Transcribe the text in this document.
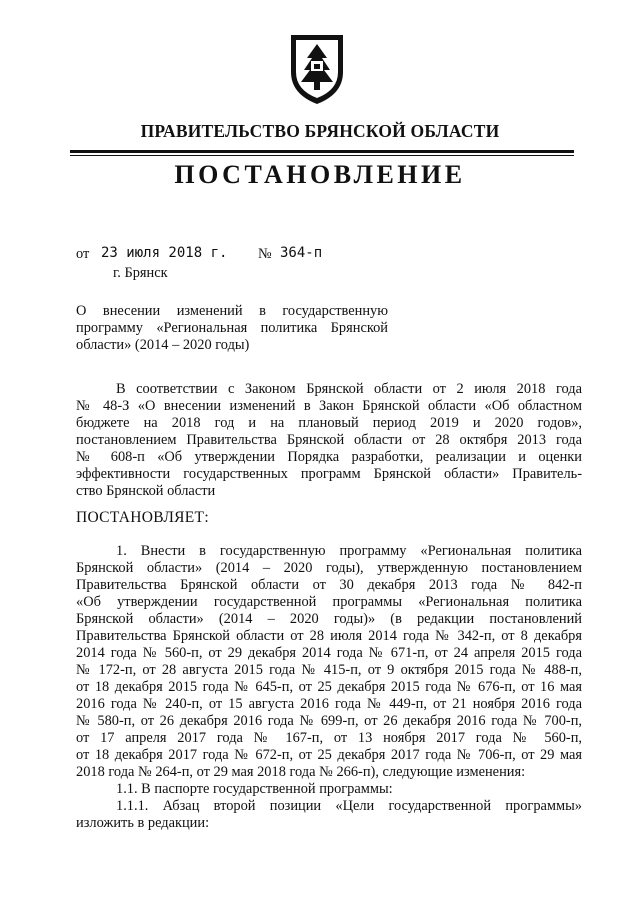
ПРАВИТЕЛЬСТВО БРЯНСКОЙ ОБЛАСТИ
ПОСТАНОВЛЕНИЕ
от 23 июля 2018 г. № 364-п
г. Брянск
О внесении изменений в государственную
программу «Региональная политика Брянской
области» (2014 – 2020 годы)
В соответствии с Законом Брянской области от 2 июля 2018 года
№ 48-З «О внесении изменений в Закон Брянской области «Об областном
бюджете на 2018 год и на плановый период 2019 и 2020 годов»,
постановлением Правительства Брянской области от 28 октября 2013 года
№ 608-п «Об утверждении Порядка разработки, реализации и оценки
эффективности государственных программ Брянской области» Правитель-
ство Брянской области
ПОСТАНОВЛЯЕТ:
1. Внести в государственную программу «Региональная политика
Брянской области» (2014 – 2020 годы), утвержденную постановлением
Правительства Брянской области от 30 декабря 2013 года № 842-п
«Об утверждении государственной программы «Региональная политика
Брянской области» (2014 – 2020 годы)» (в редакции постановлений
Правительства Брянской области от 28 июля 2014 года № 342-п, от 8 декабря
2014 года № 560-п, от 29 декабря 2014 года № 671-п, от 24 апреля 2015 года
№ 172-п, от 28 августа 2015 года № 415-п, от 9 октября 2015 года № 488-п,
от 18 декабря 2015 года № 645-п, от 25 декабря 2015 года № 676-п, от 16 мая
2016 года № 240-п, от 15 августа 2016 года № 449-п, от 21 ноября 2016 года
№ 580-п, от 26 декабря 2016 года № 699-п, от 26 декабря 2016 года № 700-п,
от 17 апреля 2017 года № 167-п, от 13 ноября 2017 года № 560-п,
от 18 декабря 2017 года № 672-п, от 25 декабря 2017 года № 706-п, от 29 мая
2018 года № 264-п, от 29 мая 2018 года № 266-п), следующие изменения:
1.1. В паспорте государственной программы:
1.1.1. Абзац второй позиции «Цели государственной программы»
изложить в редакции:
